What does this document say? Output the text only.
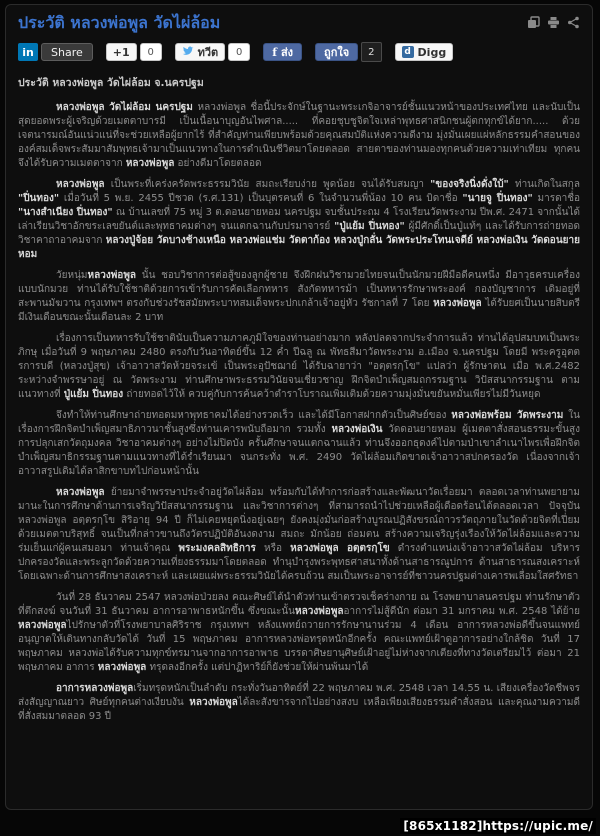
ประวัติ หลวงพ่อพูล วัดไผ่ล้อม
in	Share	+1	0	ทวีต	0	f ส่ง	ถูกใจ	2	d Digg
ประวัติ หลวงพ่อพูล วัดไผ่ล้อม จ.นครปฐม

หลวงพ่อพูล วัดไผ่ล้อม นครปฐม หลวงพ่อพูล ชื่อนี้ประจักษ์ในฐานะพระเกจิอาจารย์ชั้นแนวหน้าของประเทศไทย และนับเป็นสุดยอดพระผู้เจริญด้วยเมตตาบารมี เป็นเนื้อนาบุญอันไพศาล..... ที่คอยชุบชูจิตใจเหล่าพุทธศาสนิกชนผู้ตกทุกข์ได้ยาก..... ด้วยเจตนารมณ์อันแน่วแน่ที่จะช่วยเหลือผู้ยากไร้ ที่สำคัญท่านเพียบพร้อมด้วยคุณสมบัติแห่งความดีงาม มุ่งมั่นเผยแผ่หลักธรรมคำสอนขององค์สมเด็จพระสัมมาสัมพุทธเจ้ามาเป็นแนวทางในการดำเนินชีวิตมาโดยตลอด สายตาของท่านมองทุกคนด้วยความเท่าเทียม ทุกคนจึงได้รับความเมตตาจาก หลวงพ่อพูล อย่างดีมาโดยตลอด

หลวงพ่อพูล เป็นพระที่เคร่งครัดพระธรรมวินัย สมถะเรียบง่าย พูดน้อย จนได้รับสมญา "ของจริงนิ่งดั่งใบ้" ท่านเกิดในสกุล "ปิ่นทอง" เมื่อวันที่ 5 พ.ย. 2455 ปีชวด (ร.ศ.131) เป็นบุตรคนที่ 6 ในจำนวนพี่น้อง 10 คน บิดาชื่อ "นายจู ปิ่นทอง" มารดาชื่อ "นางสำเนียง ปิ่นทอง" ณ บ้านเลขที่ 75 หมู่ 3 ต.ดอนยายหอม นครปฐม จบชั้นประถม 4 โรงเรียนวัดพระงาม ปีพ.ศ. 2471 จากนั้นได้เล่าเรียนวิชาอักขระเลขยันต์และพุทธาคมต่างๆ จนแตกฉานกับปรมาจารย์ "ปู่แย้ม ปิ่นทอง" ผู้มีศักดิ์เป็นปู่แท้ๆ และได้รับการถ่ายทอดวิชาคาถาอาคมจาก หลวงปู่จ้อย วัดบางช้างเหนือ หลวงพ่อแช่ม วัดตาก้อง หลวงปู่กลั่น วัดพระประโทนเจดีย์ หลวงพ่อเงิน วัดดอนยายหอม

วัยหนุ่มหลวงพ่อพูล นั้น ชอบวิชาการต่อสู้ของลูกผู้ชาย จึงฝึกฝนวิชามวยไทยจนเป็นนักมวยฝีมือดีคนหนึ่ง มีอาวุธครบเครื่องแบบนักมวย ท่านได้รับใช้ชาติด้วยการเข้ารับการคัดเลือกทหาร สังกัดทหารม้า เป็นทหารรักษาพระองค์ กองบัญชาการ เดิมอยู่ที่สะพานมัฆวาน กรุงเทพฯ ตรงกับช่วงรัชสมัยพระบาทสมเด็จพระปกเกล้าเจ้าอยู่หัว รัชกาลที่ 7 โดย หลวงพ่อพูล ได้รับยศเป็นนายสิบตรี มีเงินเดือนขณะนั้นเดือนละ 2 บาท

เรื่องการเป็นทหารรับใช้ชาตินับเป็นความภาคภูมิใจของท่านอย่างมาก หลังปลดจากประจำการแล้ว ท่านได้อุปสมบทเป็นพระภิกษุ เมื่อวันที่ 9 พฤษภาคม 2480 ตรงกับวันอาทิตย์ขึ้น 12 ค่ำ ปีฉลู ณ พัทธสีมาวัดพระงาม อ.เมือง จ.นครปฐม โดยมี พระครูอุตตรการบดี (หลวงปู่สุข) เจ้าอาวาสวัดห้วยจระเข้ เป็นพระอุปัชฌาย์ ได้รับฉายาว่า "อตฺตรกฺโข" แปลว่า ผู้รักษาตน เมื่อ พ.ศ.2482 ระหว่างจำพรรษาอยู่ ณ วัดพระงาม ท่านศึกษาพระธรรมวินัยจนเชี่ยวชาญ ฝึกจิตบำเพ็ญสมถกรรมฐาน วิปัสสนากรรมฐาน ตามแนวทางที่ ปู่แย้ม ปิ่นทอง ถ่ายทอดไว้ให้ ควบคู่กับการค้นคว้าตำราโบราณเพิ่มเติมด้วยความมุ่งมั่นขยันหมั่นเพียรไม่มีวันหยุด

จึงทำให้ท่านศึกษาถ่ายทอดมหาพุทธาคมได้อย่างรวดเร็ว และได้มีโอกาสฝากตัวเป็นศิษย์ของ หลวงพ่อพร้อม วัดพระงาม ในเรื่องการฝึกจิตบำเพ็ญสมาธิภาวนาชั้นสูงซึ่งท่านเคารพนับถือมาก รวมทั้ง หลวงพ่อเงิน วัดดอนยายหอม ผู้เมตตาสั่งสอนธรรมะขั้นสูง การปลุกเสกวัตถุมงคล วิชาอาคมต่างๆ อย่างไม่ปิดบัง ครั้นศึกษาจนแตกฉานแล้ว ท่านจึงออกธุดงค์ไปตามป่าเขาลำเนาไพรเพื่อฝึกจิตบำเพ็ญสมาธิกรรมฐานตามแนวทางที่ได้ร่ำเรียนมา จนกระทั่ง พ.ศ. 2490 วัดไผ่ล้อมเกิดขาดเจ้าอาวาสปกครองวัด เนื่องจากเจ้าอาวาสรูปเดิมได้ลาสิกขาบทไปก่อนหน้านั้น

หลวงพ่อพูล ย้ายมาจำพรรษาประจำอยู่วัดไผ่ล้อม พร้อมกับได้ทำการก่อสร้างและพัฒนาวัดเรื่อยมา ตลอดเวลาท่านพยายามมานะในการศึกษาด้านการเจริญวิปัสสนากรรมฐาน และวิชาการต่างๆ ที่สามารถนำไปช่วยเหลือผู้เดือดร้อนได้ตลอดเวลา ปัจจุบันหลวงพ่อพูล อตฺตรกฺโข สิริอายุ 94 ปี ก็ไม่เคยหยุดนิ่งอยู่เฉยๆ ยังคงมุ่งมั่นก่อสร้างบูรณปฏิสังขรณ์ถาวรวัตถุภายในวัดด้วยจิตที่เปี่ยมด้วยเมตตาบริสุทธิ์ จนเป็นที่กล่าวขานถึงวัตรปฏิบัติอันงดงาม สมถะ มักน้อย ถ่อมตน สร้างความเจริญรุ่งเรืองให้วัดไผ่ล้อมและความร่มเย็นแก่ผู้คนเสมอมา ท่านเจ้าคุณ พระมงคลสิทธิการ หรือ หลวงพ่อพูล อตฺตรกฺโข ดำรงตำแหน่งเจ้าอาวาสวัดไผ่ล้อม บริหารปกครองวัดและพระลูกวัดด้วยความเที่ยงธรรมมาโดยตลอด ทำนุบำรุงพระพุทธศาสนาทั้งด้านสาธารณูปการ ด้านสาธารณสงเคราะห์ โดยเฉพาะด้านการศึกษาสงเคราะห์ และเผยแผ่พระธรรมวินัยได้ครบถ้วน สมเป็นพระอาจารย์ที่ชาวนครปฐมต่างเคารพเลื่อมใสศรัทธา

วันที่ 28 ธันวาคม 2547 หลวงพ่อป่วยลง คณะศิษย์ได้นำตัวท่านเข้าตรวจเช็คร่างกาย ณ โรงพยาบาลนครปฐม ท่านรักษาตัวที่ตึกสงฆ์ จนวันที่ 31 ธันวาคม อาการอาพาธหนักขึ้น ซึ่งขณะนั้นหลวงพ่อพูลอาการไม่สู้ดีนัก ต่อมา 31 มกราคม พ.ศ. 2548 ได้ย้ายหลวงพ่อพูลไปรักษาตัวที่โรงพยาบาลศิริราช กรุงเทพฯ หลังแพทย์ถวายการรักษานานร่วม 4 เดือน อาการหลวงพ่อดีขึ้นจนแพทย์อนุญาตให้เดินทางกลับวัดได้ วันที่ 15 พฤษภาคม อาการหลวงพ่อทรุดหนักอีกครั้ง คณะแพทย์เฝ้าดูอาการอย่างใกล้ชิด วันที่ 17 พฤษภาคม หลวงพ่อได้รับความทุกข์ทรมานจากอาการอาพาธ บรรดาศิษยานุศิษย์เฝ้าอยู่ไม่ห่างจากเตียงที่ทางวัดเตรียมไว้ ต่อมา 21 พฤษภาคม อาการ หลวงพ่อพูล ทรุดลงอีกครั้ง แต่ปาฏิหาริย์ก็ยังช่วยให้ผ่านพ้นมาได้

อาการหลวงพ่อพูลเริ่มทรุดหนักเป็นลำดับ กระทั่งวันอาทิตย์ที่ 22 พฤษภาคม พ.ศ. 2548 เวลา 14.55 น. เสียงเครื่องวัดชีพจรส่งสัญญาณยาว ศิษย์ทุกคนต่างเงียบงัน หลวงพ่อพูลได้ละสังขารจากไปอย่างสงบ เหลือเพียงเสียงธรรมคำสั่งสอน และคุณงามความดี ที่สั่งสมมาตลอด 93 ปี

[865x1182]https://upic.me/
